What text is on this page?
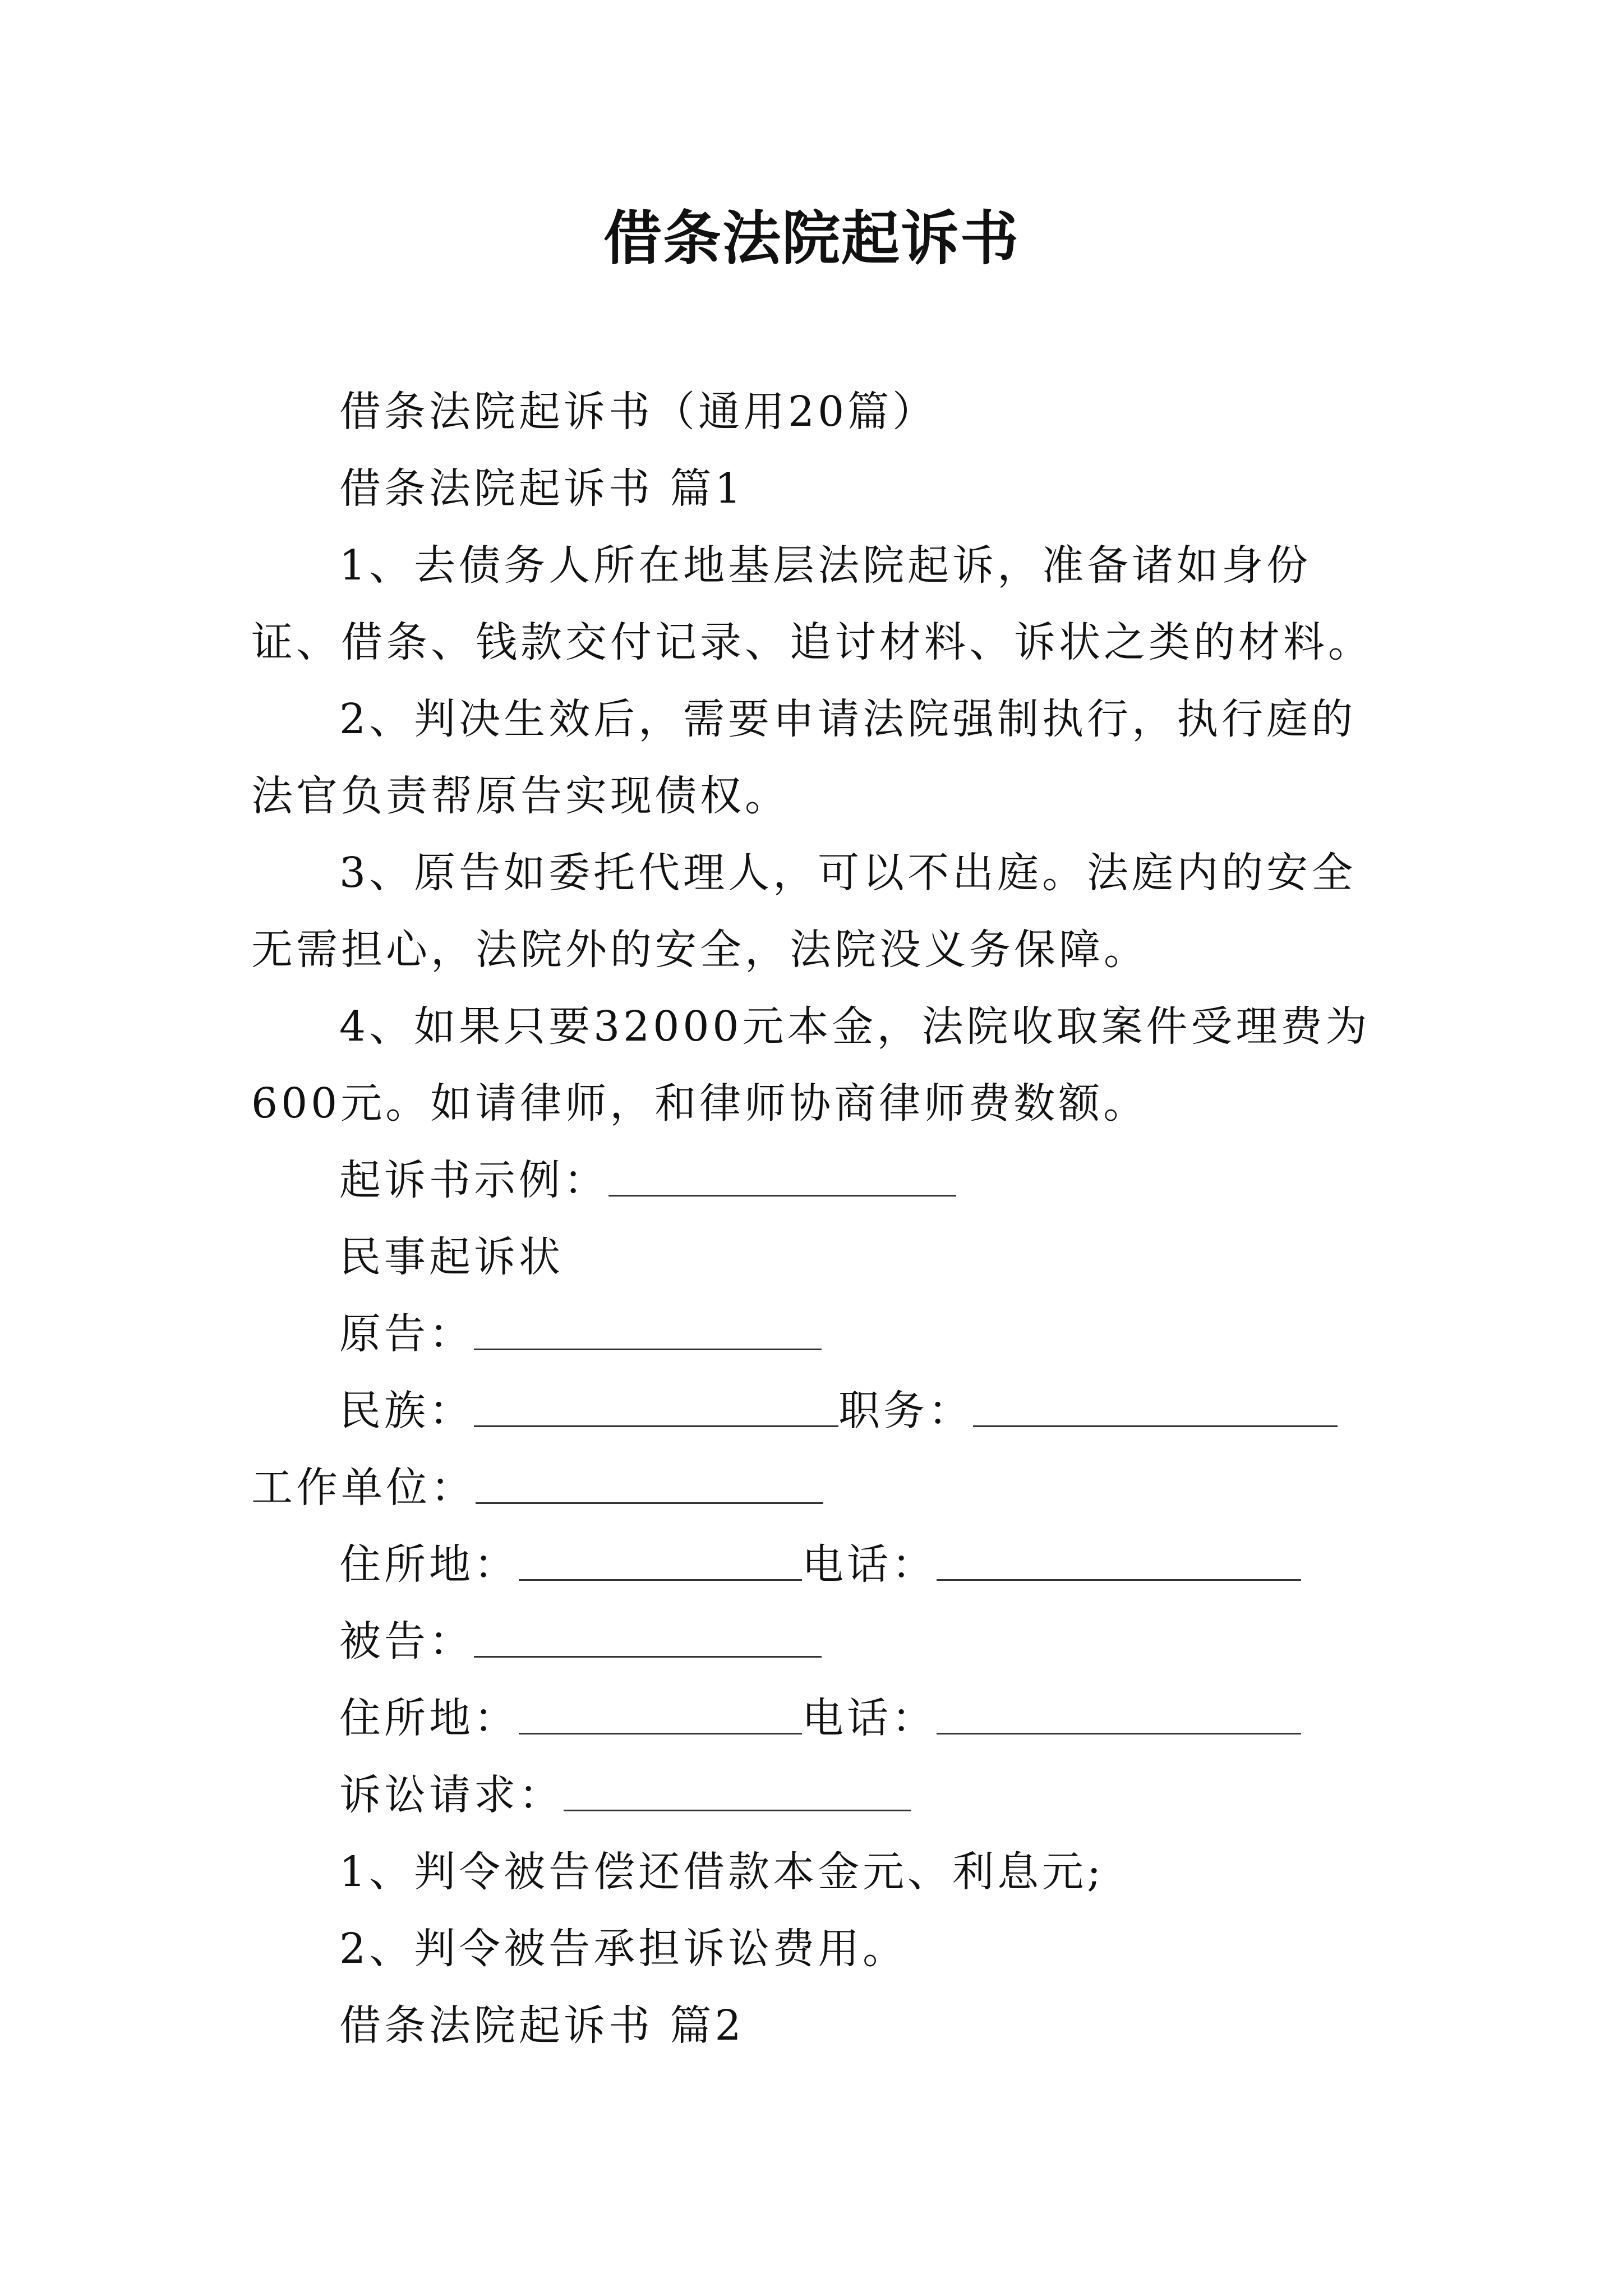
借条法院起诉书

借条法院起诉书（通用20篇）

借条法院起诉书 篇1

1、去债务人所在地基层法院起诉，准备诸如身份证、借条、钱款交付记录、追讨材料、诉状之类的材料。

2、判决生效后，需要申请法院强制执行，执行庭的法官负责帮原告实现债权。

3、原告如委托代理人，可以不出庭。法庭内的安全无需担心，法院外的安全，法院没义务保障。

4、如果只要32000元本金，法院收取案件受理费为600元。如请律师，和律师协商律师费数额。

起诉书示例：

民事起诉状

原告：

民族：	职务：工作单位：

住所地：	电话：

被告：

住所地：	电话：

诉讼请求：

1、判令被告偿还借款本金元、利息元;

2、判令被告承担诉讼费用。

借条法院起诉书 篇2
